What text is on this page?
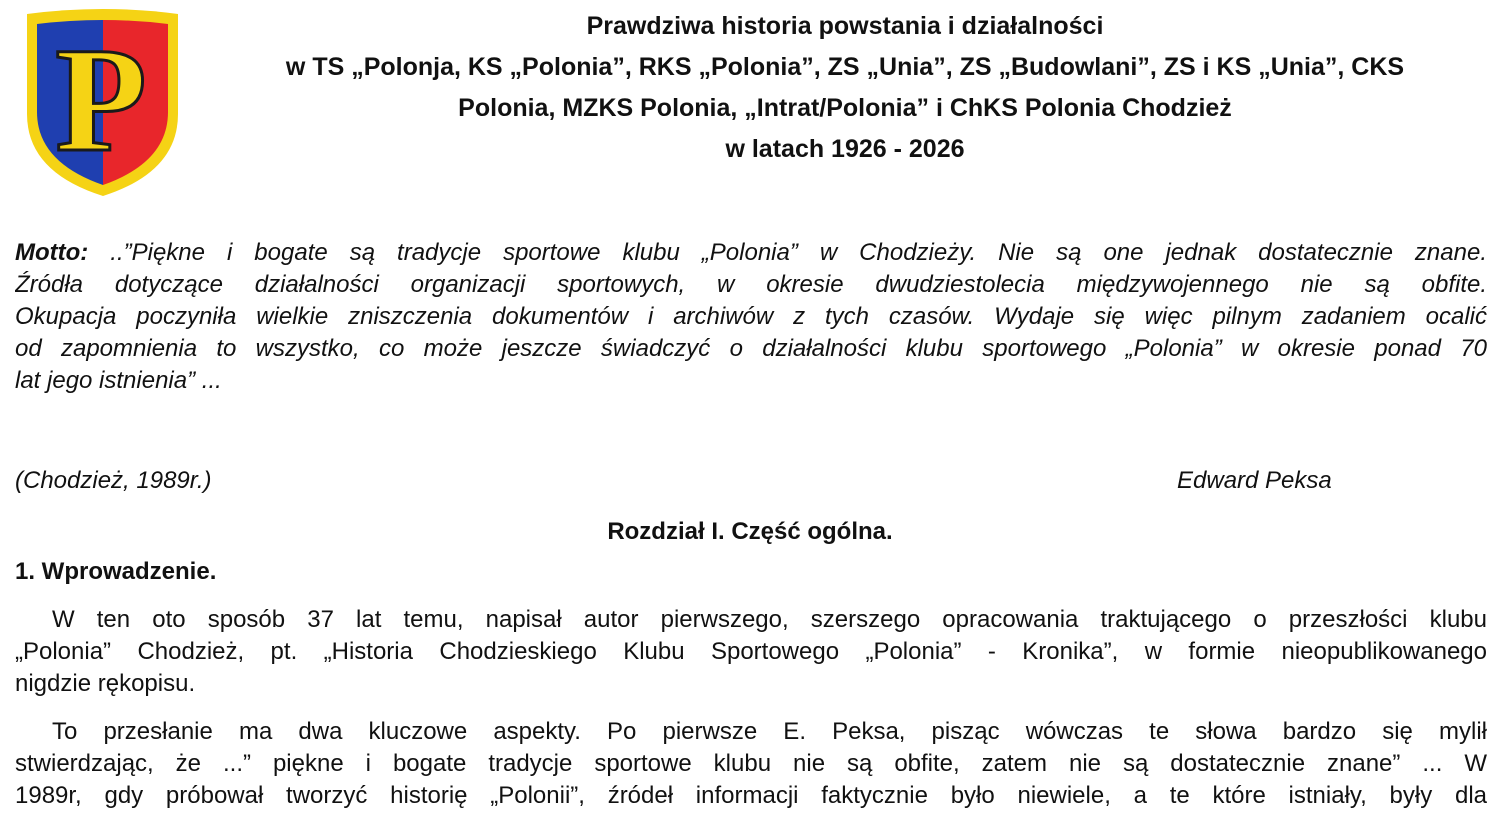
P	Prawdziwa historia powstania i działalności
w TS „Polonja, KS „Polonia”, RKS „Polonia”, ZS „Unia”, ZS „Budowlani”, ZS i KS „Unia”, CKS
Polonia, MZKS Polonia, „Intrat/Polonia” i ChKS Polonia Chodzież
w latach 1926 - 2026
Motto: ..”Piękne i bogate są tradycje sportowe klubu „Polonia” w Chodzieży. Nie są one jednak dostatecznie znane.
Źródła dotyczące działalności organizacji sportowych, w okresie dwudziestolecia międzywojennego nie są obfite.
Okupacja poczyniła wielkie zniszczenia dokumentów i archiwów z tych czasów. Wydaje się więc pilnym zadaniem ocalić
od zapomnienia to wszystko, co może jeszcze świadczyć o działalności klubu sportowego „Polonia” w okresie ponad 70
lat jego istnienia” ...
(Chodzież, 1989r.)	Edward Peksa
Rozdział I. Część ogólna.
1. Wprowadzenie.
W ten oto sposób 37 lat temu, napisał autor pierwszego, szerszego opracowania traktującego o przeszłości klubu
„Polonia” Chodzież, pt. „Historia Chodzieskiego Klubu Sportowego „Polonia” - Kronika”, w formie nieopublikowanego
nigdzie rękopisu.
To przesłanie ma dwa kluczowe aspekty. Po pierwsze E. Peksa, pisząc wówczas te słowa bardzo się mylił
stwierdzając, że ...” piękne i bogate tradycje sportowe klubu nie są obfite, zatem nie są dostatecznie znane” ... W
1989r, gdy próbował tworzyć historię „Polonii”, źródeł informacji faktycznie było niewiele, a te które istniały, były dla
